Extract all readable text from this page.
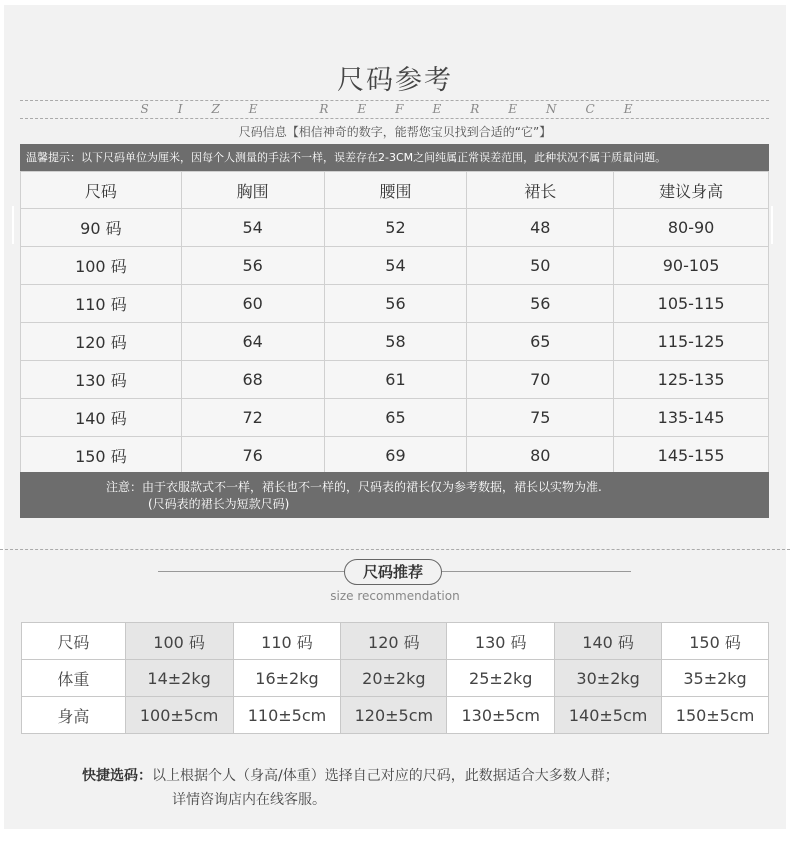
尺码参考
SIZE REFERENCE
尺码信息【相信神奇的数字，能帮您宝贝找到合适的“它”】
温馨提示：以下尺码单位为厘米，因每个人测量的手法不一样，误差存在2-3CM之间纯属正常误差范围，此种状况不属于质量问题。
尺码	胸围	腰围	裙长	建议身高
90 码	54	52	48	80-90
100 码	56	54	50	90-105
110 码	60	56	56	105-115
120 码	64	58	65	115-125
130 码	68	61	70	125-135
140 码	72	65	75	135-145
150 码	76	69	80	145-155
注意：由于衣服款式不一样，裙长也不一样的，尺码表的裙长仅为参考数据，裙长以实物为准.
(尺码表的裙长为短款尺码)
尺码推荐
size recommendation
尺码	100 码	110 码	120 码	130 码	140 码	150 码
体重	14±2kg	16±2kg	20±2kg	25±2kg	30±2kg	35±2kg
身高	100±5cm	110±5cm	120±5cm	130±5cm	140±5cm	150±5cm
快捷选码：以上根据个人（身高/体重）选择自己对应的尺码，此数据适合大多数人群；
详情咨询店内在线客服。
